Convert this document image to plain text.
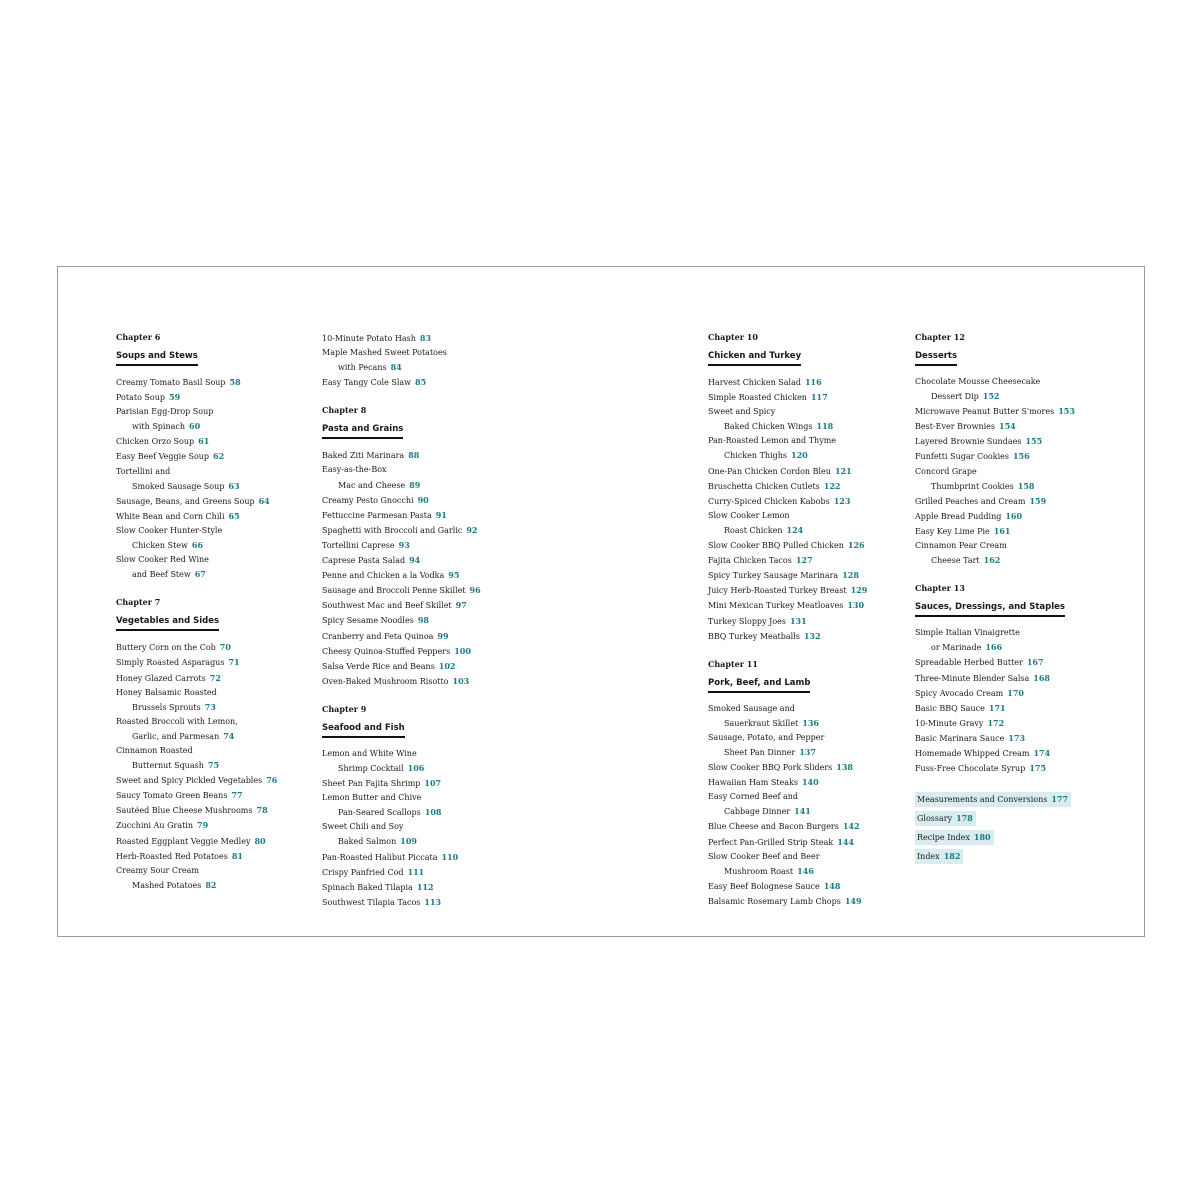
Chapter 6
Soups and Stews
Creamy Tomato Basil Soup 58
Potato Soup 59
Parisian Egg-Drop Soup
with Spinach 60
Chicken Orzo Soup 61
Easy Beef Veggie Soup 62
Tortellini and
Smoked Sausage Soup 63
Sausage, Beans, and Greens Soup 64
White Bean and Corn Chili 65
Slow Cooker Hunter-Style
Chicken Stew 66
Slow Cooker Red Wine
and Beef Stew 67
Chapter 7
Vegetables and Sides
Buttery Corn on the Cob 70
Simply Roasted Asparagus 71
Honey Glazed Carrots 72
Honey Balsamic Roasted
Brussels Sprouts 73
Roasted Broccoli with Lemon,
Garlic, and Parmesan 74
Cinnamon Roasted
Butternut Squash 75
Sweet and Spicy Pickled Vegetables 76
Saucy Tomato Green Beans 77
Sautéed Blue Cheese Mushrooms 78
Zucchini Au Gratin 79
Roasted Eggplant Veggie Medley 80
Herb-Roasted Red Potatoes 81
Creamy Sour Cream
Mashed Potatoes 82
10-Minute Potato Hash 83
Maple Mashed Sweet Potatoes
with Pecans 84
Easy Tangy Cole Slaw 85
Chapter 8
Pasta and Grains
Baked Ziti Marinara 88
Easy-as-the-Box
Mac and Cheese 89
Creamy Pesto Gnocchi 90
Fettuccine Parmesan Pasta 91
Spaghetti with Broccoli and Garlic 92
Tortellini Caprese 93
Caprese Pasta Salad 94
Penne and Chicken a la Vodka 95
Sausage and Broccoli Penne Skillet 96
Southwest Mac and Beef Skillet 97
Spicy Sesame Noodles 98
Cranberry and Feta Quinoa 99
Cheesy Quinoa-Stuffed Peppers 100
Salsa Verde Rice and Beans 102
Oven-Baked Mushroom Risotto 103
Chapter 9
Seafood and Fish
Lemon and White Wine
Shrimp Cocktail 106
Sheet Pan Fajita Shrimp 107
Lemon Butter and Chive
Pan-Seared Scallops 108
Sweet Chili and Soy
Baked Salmon 109
Pan-Roasted Halibut Piccata 110
Crispy Panfried Cod 111
Spinach Baked Tilapia 112
Southwest Tilapia Tacos 113
Chapter 10
Chicken and Turkey
Harvest Chicken Salad 116
Simple Roasted Chicken 117
Sweet and Spicy
Baked Chicken Wings 118
Pan-Roasted Lemon and Thyme
Chicken Thighs 120
One-Pan Chicken Cordon Bleu 121
Bruschetta Chicken Cutlets 122
Curry-Spiced Chicken Kabobs 123
Slow Cooker Lemon
Roast Chicken 124
Slow Cooker BBQ Pulled Chicken 126
Fajita Chicken Tacos 127
Spicy Turkey Sausage Marinara 128
Juicy Herb-Roasted Turkey Breast 129
Mini Mexican Turkey Meatloaves 130
Turkey Sloppy Joes 131
BBQ Turkey Meatballs 132
Chapter 11
Pork, Beef, and Lamb
Smoked Sausage and
Sauerkraut Skillet 136
Sausage, Potato, and Pepper
Sheet Pan Dinner 137
Slow Cooker BBQ Pork Sliders 138
Hawaiian Ham Steaks 140
Easy Corned Beef and
Cabbage Dinner 141
Blue Cheese and Bacon Burgers 142
Perfect Pan-Grilled Strip Steak 144
Slow Cooker Beef and Beer
Mushroom Roast 146
Easy Beef Bolognese Sauce 148
Balsamic Rosemary Lamb Chops 149
Chapter 12
Desserts
Chocolate Mousse Cheesecake
Dessert Dip 152
Microwave Peanut Butter S'mores 153
Best-Ever Brownies 154
Layered Brownie Sundaes 155
Funfetti Sugar Cookies 156
Concord Grape
Thumbprint Cookies 158
Grilled Peaches and Cream 159
Apple Bread Pudding 160
Easy Key Lime Pie 161
Cinnamon Pear Cream
Cheese Tart 162
Chapter 13
Sauces, Dressings, and Staples
Simple Italian Vinaigrette
or Marinade 166
Spreadable Herbed Butter 167
Three-Minute Blender Salsa 168
Spicy Avocado Cream 170
Basic BBQ Sauce 171
10-Minute Gravy 172
Basic Marinara Sauce 173
Homemade Whipped Cream 174
Fuss-Free Chocolate Syrup 175
Measurements and Conversions 177
Glossary 178
Recipe Index 180
Index 182
